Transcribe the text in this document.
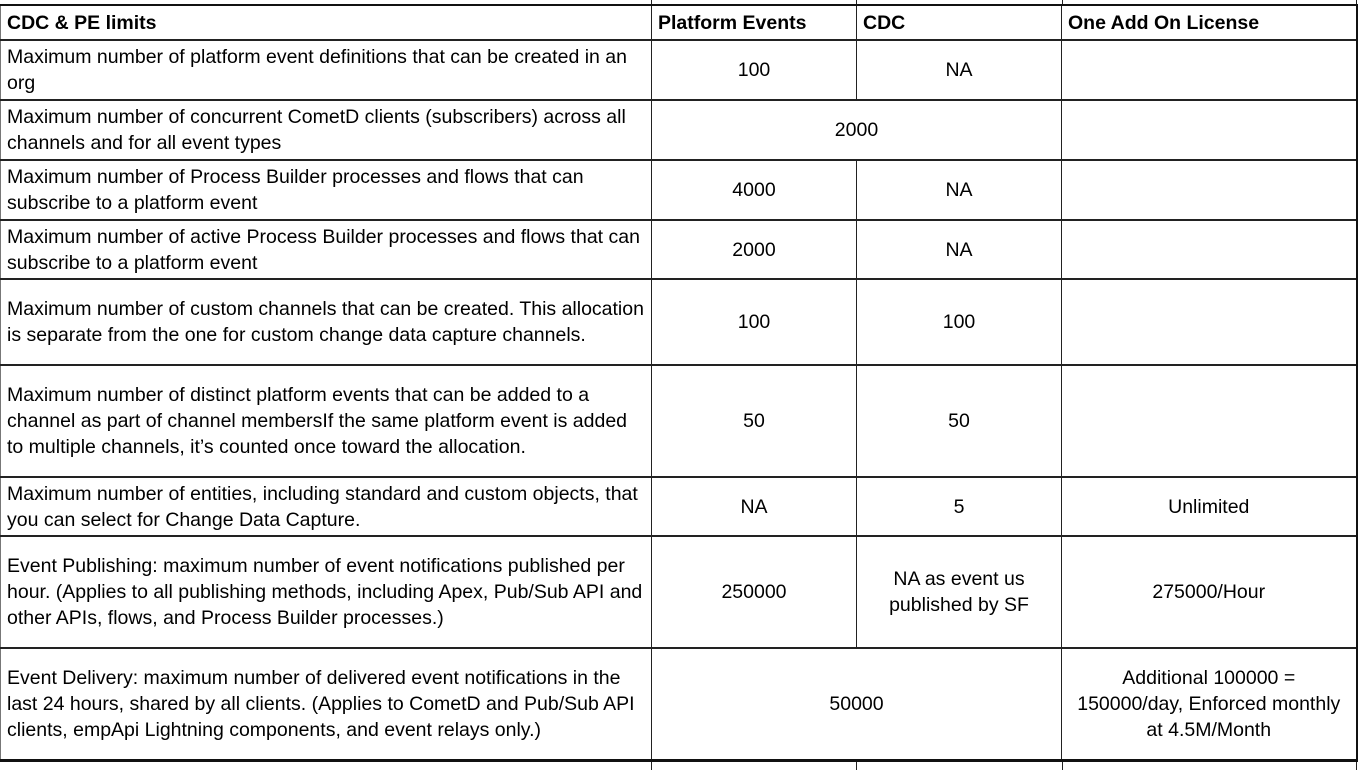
CDC & PE limits	Platform Events	CDC	One Add On License
Maximum number of platform event definitions that can be created in an org	100	NA	
Maximum number of concurrent CometD clients (subscribers) across all channels and for all event types	2000		
Maximum number of Process Builder processes and flows that can subscribe to a platform event	4000	NA	
Maximum number of active Process Builder processes and flows that can subscribe to a platform event	2000	NA	
Maximum number of custom channels that can be created. This allocation is separate from the one for custom change data capture channels.	100	100	
Maximum number of distinct platform events that can be added to a channel as part of channel membersIf the same platform event is added to multiple channels, it’s counted once toward the allocation.	50	50	
Maximum number of entities, including standard and custom objects, that you can select for Change Data Capture.	NA	5	Unlimited
Event Publishing: maximum number of event notifications published per hour. (Applies to all publishing methods, including Apex, Pub/Sub API and other APIs, flows, and Process Builder processes.)	250000	NA as event us published by SF	275000/Hour
Event Delivery: maximum number of delivered event notifications in the last 24 hours, shared by all clients. (Applies to CometD and Pub/Sub API clients, empApi Lightning components, and event relays only.)	50000		Additional 100000 = 150000/day, Enforced monthly at 4.5M/Month
